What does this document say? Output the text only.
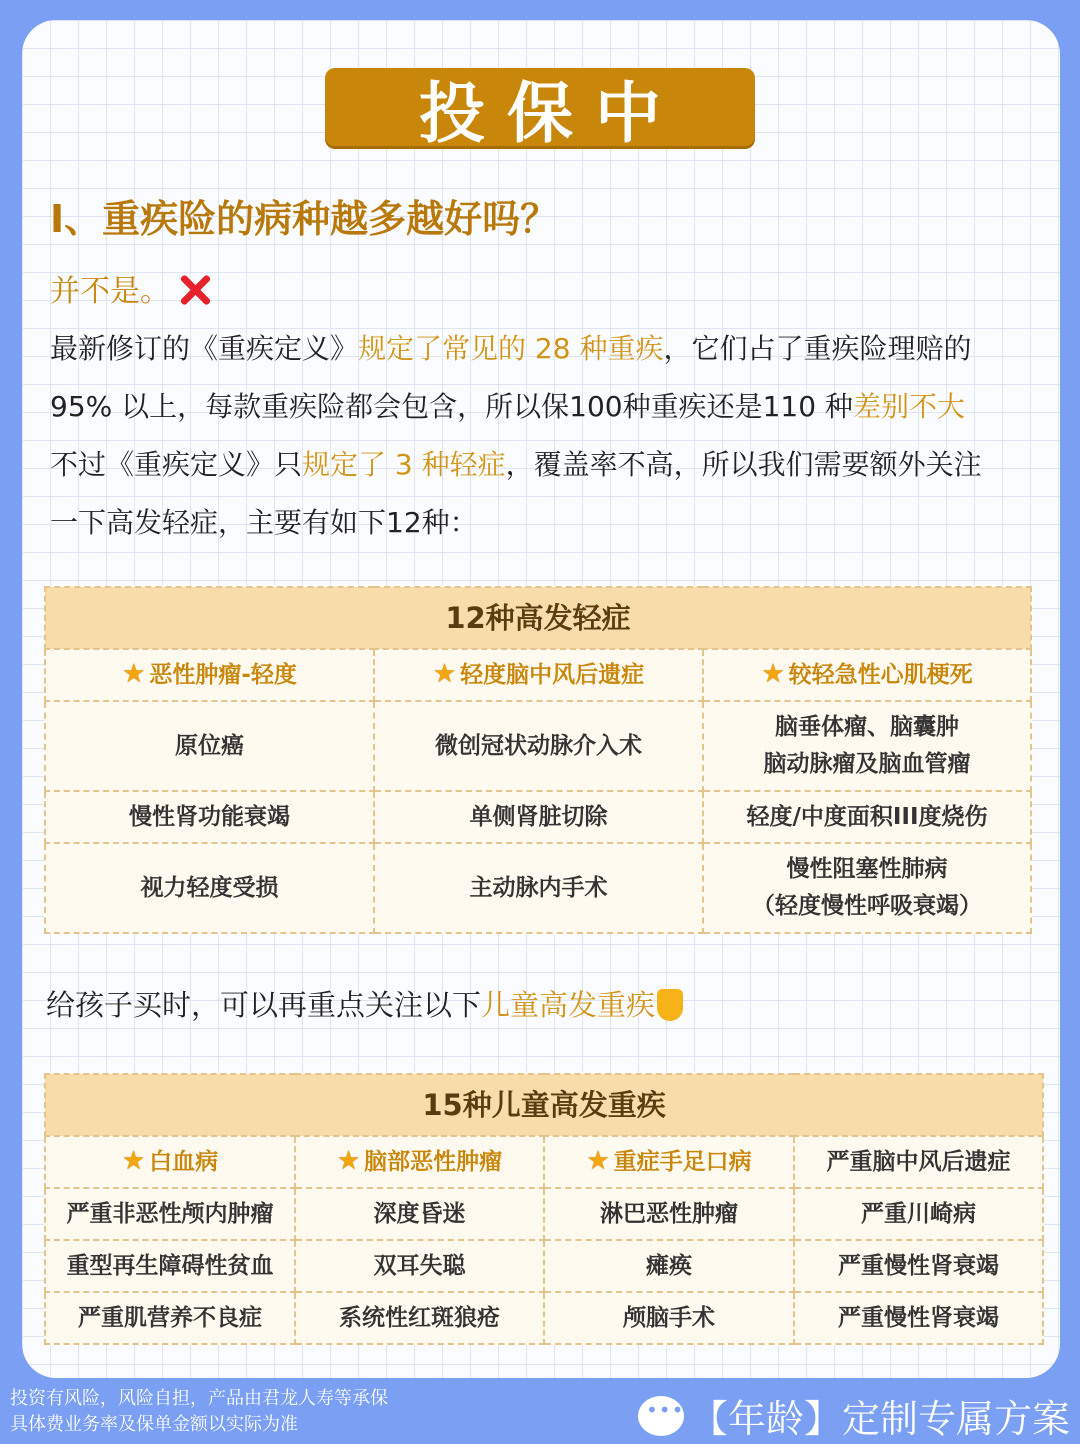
投保中
I、重疾险的病种越多越好吗？
并不是。
最新修订的《重疾定义》规定了常见的 28 种重疾，它们占了重疾险理赔的
95% 以上，每款重疾险都会包含，所以保100种重疾还是110 种差别不大
不过《重疾定义》只规定了 3 种轻症，覆盖率不高，所以我们需要额外关注
一下高发轻症，主要有如下12种：
12种高发轻症		
★ 恶性肿瘤-轻度	★ 轻度脑中风后遗症	★ 较轻急性心肌梗死
原位癌	微创冠状动脉介入术	脑垂体瘤、脑囊肿
脑动脉瘤及脑血管瘤

慢性肾功能衰竭	单侧肾脏切除	轻度/中度面积III度烧伤
视力轻度受损	主动脉内手术	慢性阻塞性肺病
（轻度慢性呼吸衰竭）
给孩子买时，可以再重点关注以下儿童高发重疾
15种儿童高发重疾			
★ 白血病	★ 脑部恶性肿瘤	★ 重症手足口病	严重脑中风后遗症
严重非恶性颅内肿瘤	深度昏迷	淋巴恶性肿瘤	严重川崎病
重型再生障碍性贫血	双耳失聪	瘫痪	严重慢性肾衰竭
严重肌营养不良症	系统性红斑狼疮	颅脑手术	严重慢性肾衰竭
投资有风险，风险自担，产品由君龙人寿等承保
具体费业务率及保单金额以实际为准 •••	【年龄】定制专属方案
